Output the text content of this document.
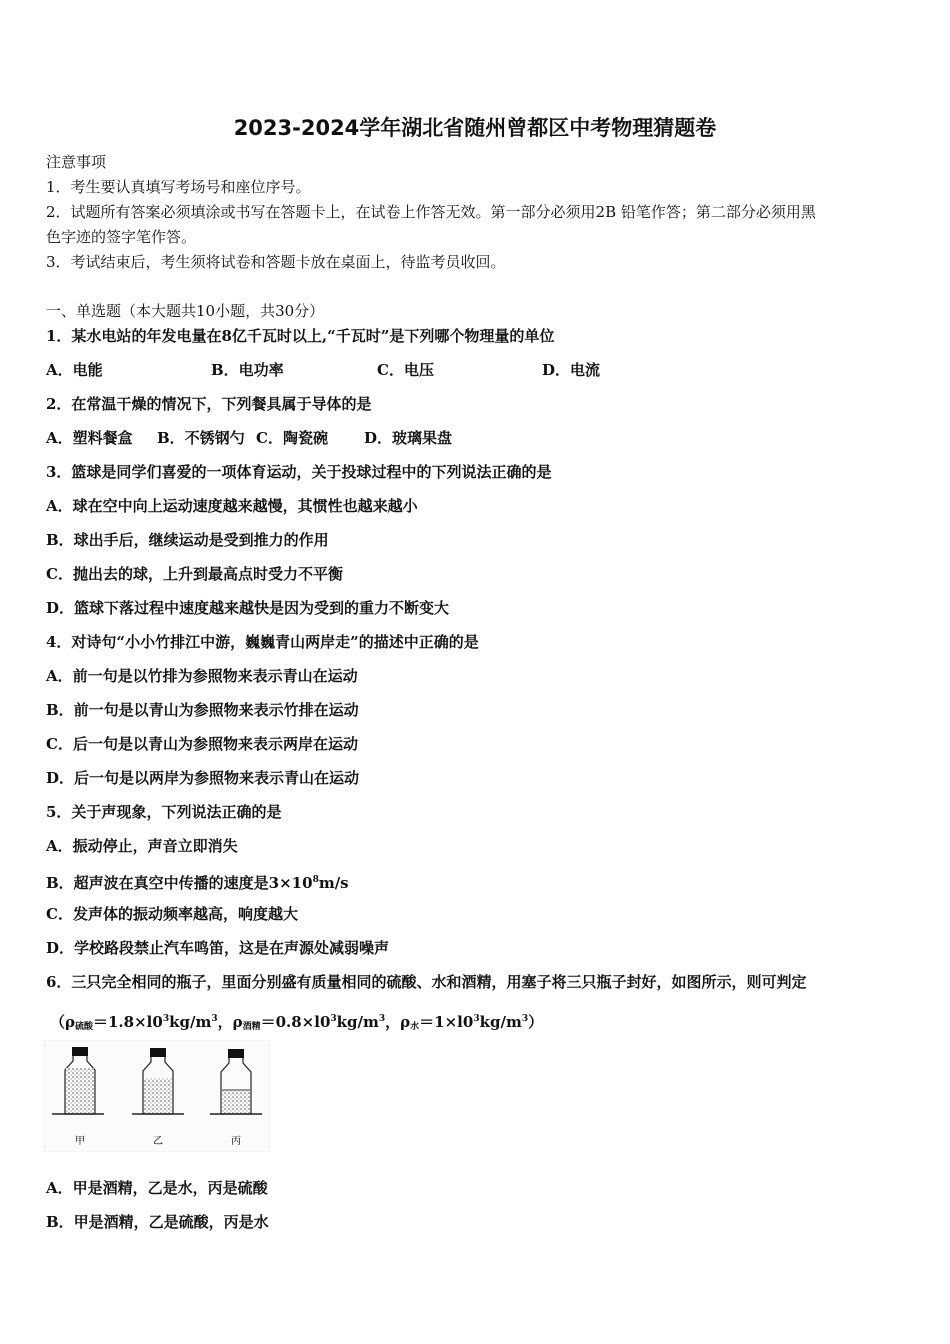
2023-2024学年湖北省随州曾都区中考物理猜题卷
注意事项
1．考生要认真填写考场号和座位序号。
2．试题所有答案必须填涂或书写在答题卡上，在试卷上作答无效。第一部分必须用2B 铅笔作答；第二部分必须用黑
色字迹的签字笔作答。
3．考试结束后，考生须将试卷和答题卡放在桌面上，待监考员收回。
一、单选题（本大题共10小题，共30分）
1．某水电站的年发电量在8亿千瓦时以上,“千瓦时”是下列哪个物理量的单位
A．电能	B．电功率	C．电压	D．电流
2．在常温干燥的情况下，下列餐具属于导体的是
A．塑料餐盒 B．不锈钢勺 C．陶瓷碗 D．玻璃果盘
3．篮球是同学们喜爱的一项体育运动，关于投球过程中的下列说法正确的是
A．球在空中向上运动速度越来越慢，其惯性也越来越小
B．球出手后，继续运动是受到推力的作用
C．抛出去的球，上升到最高点时受力不平衡
D．篮球下落过程中速度越来越快是因为受到的重力不断变大
4．对诗句“小小竹排江中游，巍巍青山两岸走”的描述中正确的是
A．前一句是以竹排为参照物来表示青山在运动
B．前一句是以青山为参照物来表示竹排在运动
C．后一句是以青山为参照物来表示两岸在运动
D．后一句是以两岸为参照物来表示青山在运动
5．关于声现象，下列说法正确的是
A．振动停止，声音立即消失
B．超声波在真空中传播的速度是$3\times 10^8m/s$
C．发声体的振动频率越高，响度越大
D．学校路段禁止汽车鸣笛，这是在声源处减弱噪声
6．三只完全相同的瓶子，里面分别盛有质量相同的硫酸、水和酒精，用塞子将三只瓶子封好，如图所示，则可判定
（$\rho_{硫酸}=1.8\times l0^3kg/m^3$，$\rho_{酒精}=0.8\times l0^3kg/m^3$，$\rho_水=1\times l0^3kg/m^3$）
甲	乙	丙
A．甲是酒精，乙是水，丙是硫酸
B．甲是酒精，乙是硫酸，丙是水
